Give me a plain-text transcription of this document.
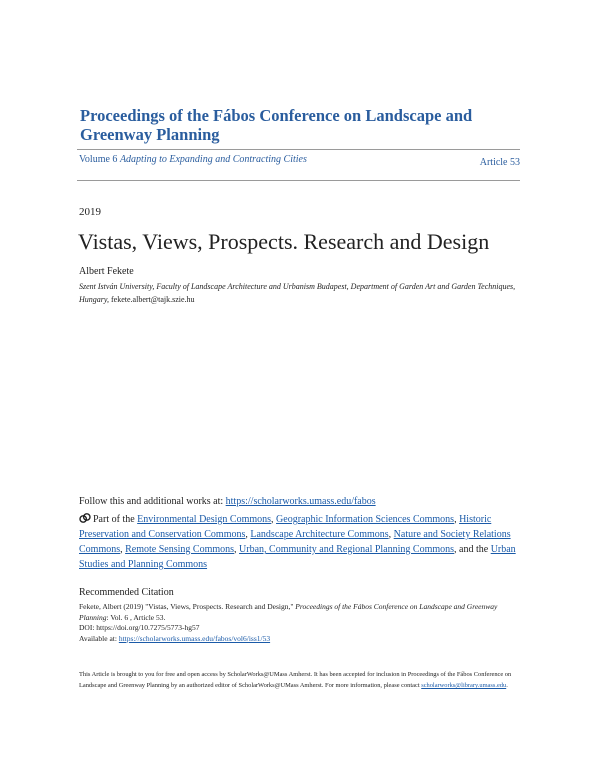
Proceedings of the Fábos Conference on Landscape and Greenway Planning
Volume 6 Adapting to Expanding and Contracting Cities	Article 53
2019
Vistas, Views, Prospects. Research and Design
Albert Fekete
Szent István University, Faculty of Landscape Architecture and Urbanism Budapest, Department of Garden Art and Garden Techniques, Hungary, fekete.albert@tajk.szie.hu
Follow this and additional works at: https://scholarworks.umass.edu/fabos
Part of the Environmental Design Commons, Geographic Information Sciences Commons, Historic Preservation and Conservation Commons, Landscape Architecture Commons, Nature and Society Relations Commons, Remote Sensing Commons, Urban, Community and Regional Planning Commons, and the Urban Studies and Planning Commons
Recommended Citation
Fekete, Albert (2019) "Vistas, Views, Prospects. Research and Design," Proceedings of the Fábos Conference on Landscape and Greenway Planning: Vol. 6 , Article 53.
DOI: https://doi.org/10.7275/5773-hg57
Available at: https://scholarworks.umass.edu/fabos/vol6/iss1/53
This Article is brought to you for free and open access by ScholarWorks@UMass Amherst. It has been accepted for inclusion in Proceedings of the Fábos Conference on Landscape and Greenway Planning by an authorized editor of ScholarWorks@UMass Amherst. For more information, please contact scholarworks@library.umass.edu.
